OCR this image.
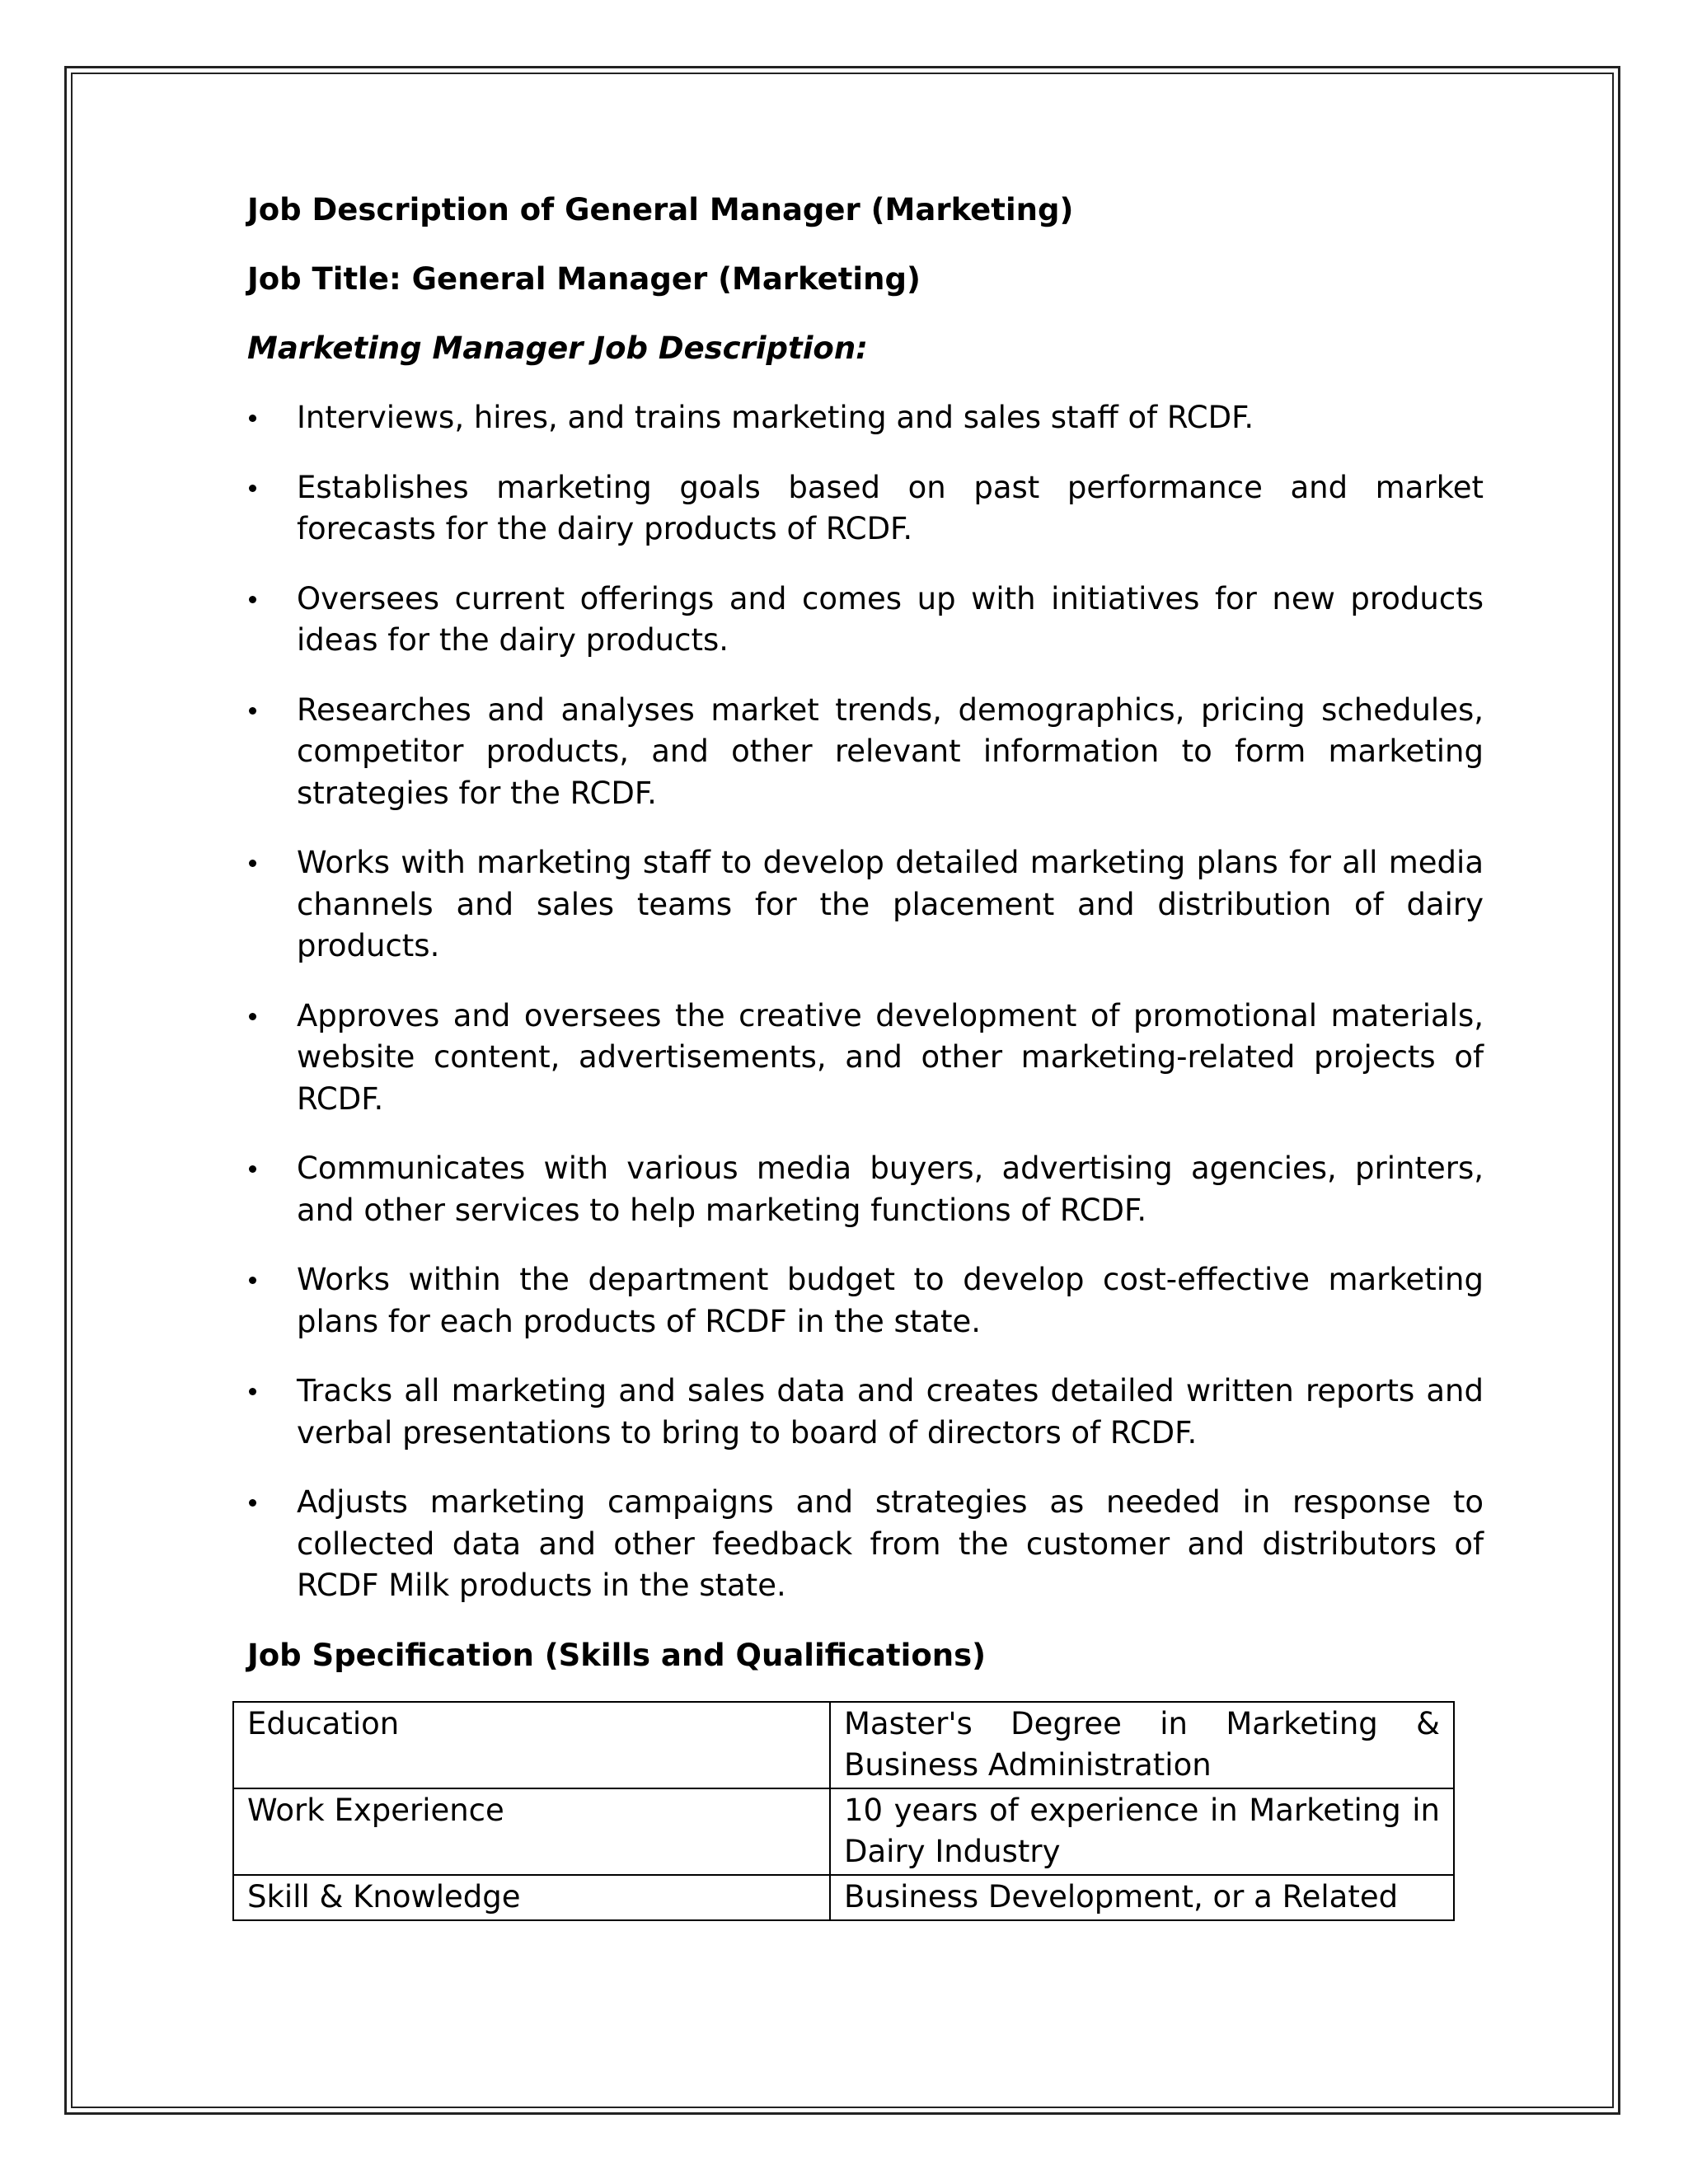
Job Description of General Manager (Marketing)
Job Title: General Manager (Marketing)
Marketing Manager Job Description:
Interviews, hires, and trains marketing and sales staff of RCDF.
Establishes marketing goals based on past performance and market forecasts for the dairy products of RCDF.
Oversees current offerings and comes up with initiatives for new products ideas for the dairy products.
Researches and analyses market trends, demographics, pricing schedules, competitor products, and other relevant information to form marketing strategies for the RCDF.
Works with marketing staff to develop detailed marketing plans for all media channels and sales teams for the placement and distribution of dairy products.
Approves and oversees the creative development of promotional materials, website content, advertisements, and other marketing-related projects of RCDF.
Communicates with various media buyers, advertising agencies, printers, and other services to help marketing functions of RCDF.
Works within the department budget to develop cost-effective marketing plans for each products of RCDF in the state.
Tracks all marketing and sales data and creates detailed written reports and verbal presentations to bring to board of directors of RCDF.
Adjusts marketing campaigns and strategies as needed in response to collected data and other feedback from the customer and distributors of RCDF Milk products in the state.
Job Specification (Skills and Qualifications)
Education	Master's Degree in Marketing & Business Administration
Work Experience	10 years of experience in Marketing in Dairy Industry
Skill & Knowledge	Business Development, or a Related
